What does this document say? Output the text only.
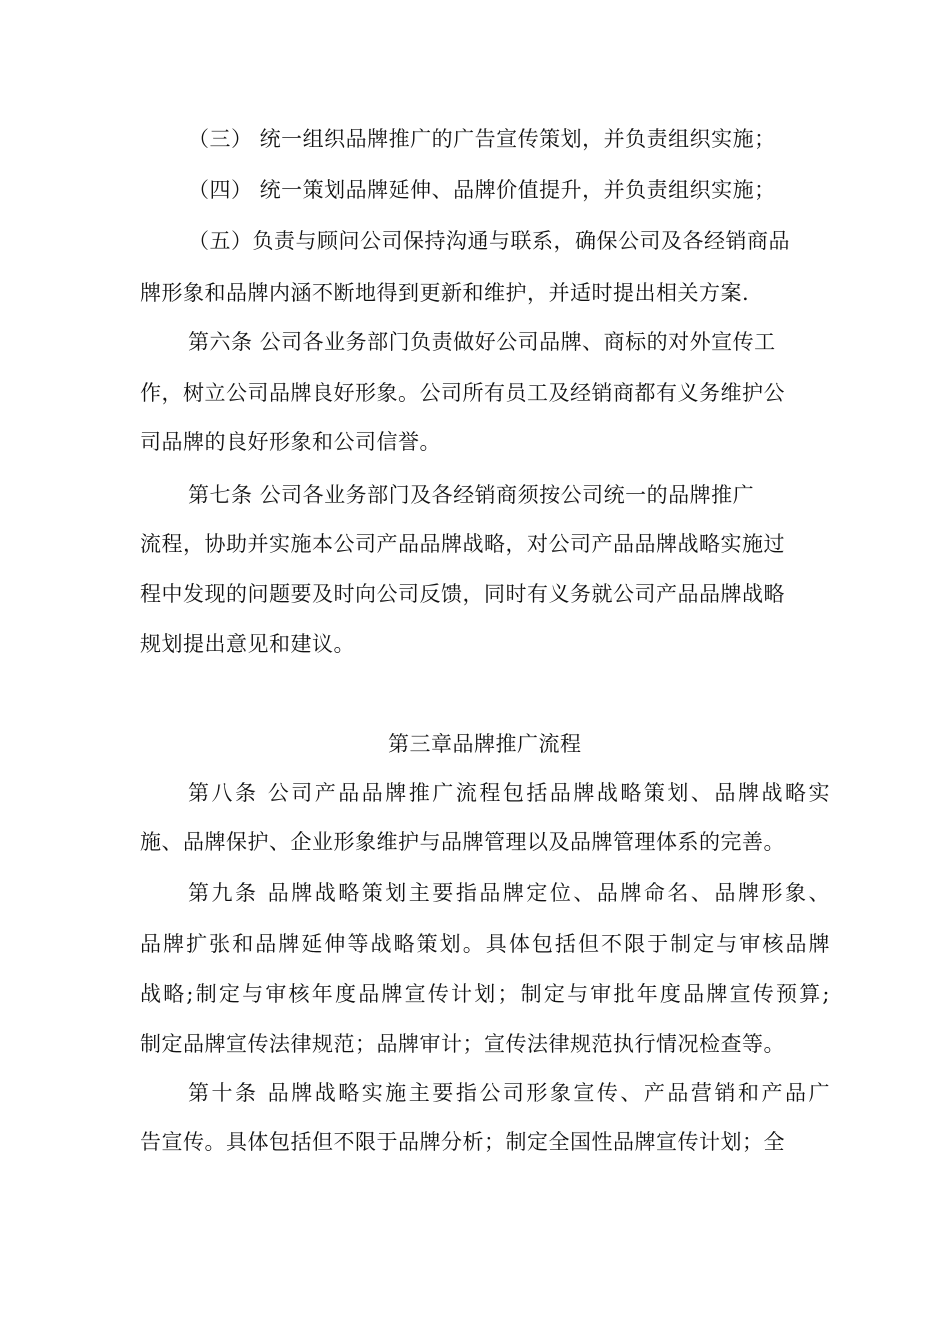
（三） 统一组织品牌推广的广告宣传策划，并负责组织实施；
（四） 统一策划品牌延伸、品牌价值提升，并负责组织实施；
（五）负责与顾问公司保持沟通与联系，确保公司及各经销商品
牌形象和品牌内涵不断地得到更新和维护，并适时提出相关方案.
第六条 公司各业务部门负责做好公司品牌、商标的对外宣传工
作，树立公司品牌良好形象。公司所有员工及经销商都有义务维护公
司品牌的良好形象和公司信誉。
第七条 公司各业务部门及各经销商须按公司统一的品牌推广
流程，协助并实施本公司产品品牌战略，对公司产品品牌战略实施过
程中发现的问题要及时向公司反馈，同时有义务就公司产品品牌战略
规划提出意见和建议。
第三章品牌推广流程
第八条 公司产品品牌推广流程包括品牌战略策划、品牌战略实
施、品牌保护、企业形象维护与品牌管理以及品牌管理体系的完善。
第九条 品牌战略策划主要指品牌定位、品牌命名、品牌形象、
品牌扩张和品牌延伸等战略策划。具体包括但不限于制定与审核品牌
战略;制定与审核年度品牌宣传计划；制定与审批年度品牌宣传预算;
制定品牌宣传法律规范；品牌审计；宣传法律规范执行情况检查等。
第十条 品牌战略实施主要指公司形象宣传、产品营销和产品广
告宣传。具体包括但不限于品牌分析；制定全国性品牌宣传计划；全
